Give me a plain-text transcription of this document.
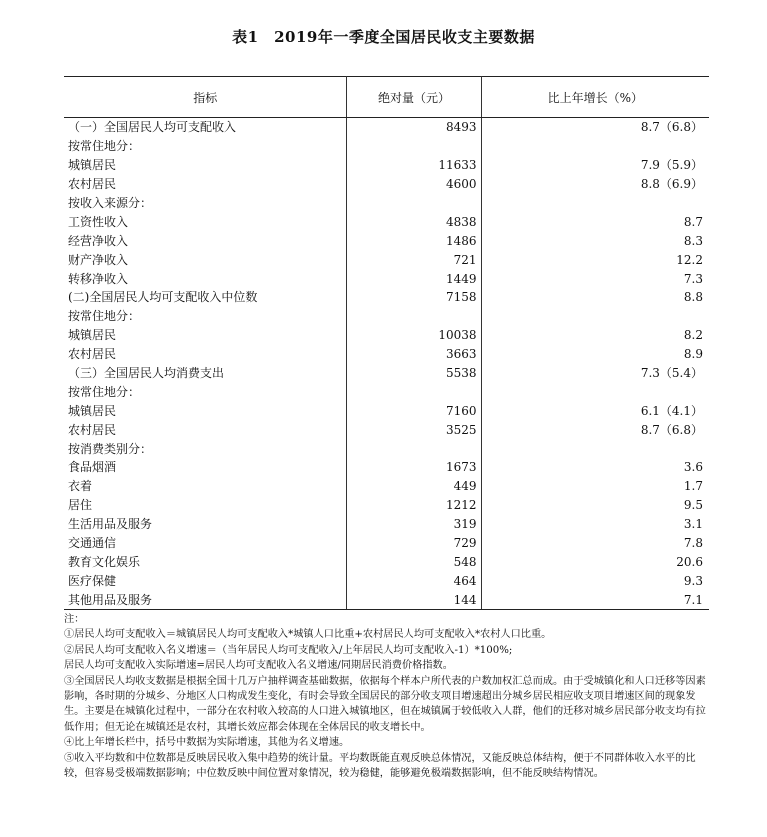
表1　2019年一季度全国居民收支主要数据
指标	绝对量（元）	比上年增长（%）
（一）全国居民人均可支配收入	8493	8.7（6.8）
按常住地分：		
城镇居民	11633	7.9（5.9）
农村居民	4600	8.8（6.9）
按收入来源分：		
工资性收入	4838	8.7
经营净收入	1486	8.3
财产净收入	721	12.2
转移净收入	1449	7.3
(二)全国居民人均可支配收入中位数	7158	8.8
按常住地分：		
城镇居民	10038	8.2
农村居民	3663	8.9
（三）全国居民人均消费支出	5538	7.3（5.4）
按常住地分：		
城镇居民	7160	6.1（4.1）
农村居民	3525	8.7（6.8）
按消费类别分：		
食品烟酒	1673	3.6
衣着	449	1.7
居住	1212	9.5
生活用品及服务	319	3.1
交通通信	729	7.8
教育文化娱乐	548	20.6
医疗保健	464	9.3
其他用品及服务	144	7.1

注：

①居民人均可支配收入＝城镇居民人均可支配收入*城镇人口比重+农村居民人均可支配收入*农村人口比重。

②居民人均可支配收入名义增速＝（当年居民人均可支配收入/上年居民人均可支配收入-1）*100%;

居民人均可支配收入实际增速=居民人均可支配收入名义增速/同期居民消费价格指数。

③全国居民人均收支数据是根据全国十几万户抽样调查基础数据，依据每个样本户所代表的户数加权汇总而成。由于受城镇化和人口迁移等因素影响，各时期的分城乡、分地区人口构成发生变化，有时会导致全国居民的部分收支项目增速超出分城乡居民相应收支项目增速区间的现象发生。主要是在城镇化过程中，一部分在农村收入较高的人口进入城镇地区，但在城镇属于较低收入人群，他们的迁移对城乡居民部分收支均有拉低作用；但无论在城镇还是农村，其增长效应都会体现在全体居民的收支增长中。

④比上年增长栏中，括号中数据为实际增速，其他为名义增速。

⑤收入平均数和中位数都是反映居民收入集中趋势的统计量。平均数既能直观反映总体情况，又能反映总体结构，便于不同群体收入水平的比较，但容易受极端数据影响；中位数反映中间位置对象情况，较为稳健，能够避免极端数据影响，但不能反映结构情况。
